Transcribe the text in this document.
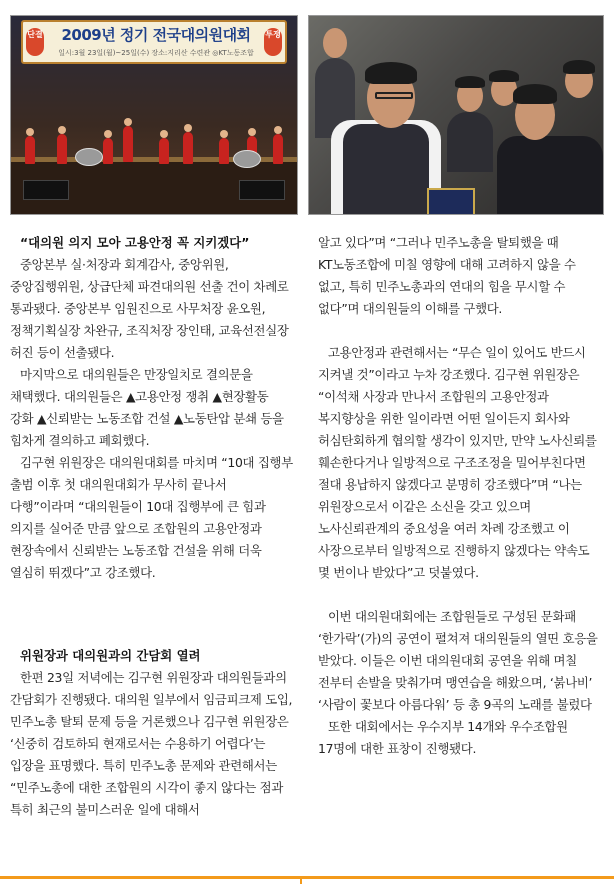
단결	2009년 정기 전국대의원대회
일시:3월 23일(월)~25일(수) 장소:지리산 수련관 ◎KT노동조합
투쟁
“대의원 의지 모아 고용안정 꼭 지키겠다”

중앙본부 실·처장과 회계감사, 중앙위원, 중앙집행위원, 상급단체 파견대의원 선출 건이 차례로 통과됐다. 중앙본부 임원진으로 사무처장 윤오원, 정책기획실장 차완규, 조직처장 장인태, 교육선전실장 허진 등이 선출됐다.

마지막으로 대의원들은 만장일치로 결의문을 채택했다. 대의원들은 ▲고용안정 쟁취 ▲현장활동 강화 ▲신뢰받는 노동조합 건설 ▲노동탄압 분쇄 등을 힘차게 결의하고 폐회했다.

김구현 위원장은 대의원대회를 마치며 “10대 집행부 출범 이후 첫 대의원대회가 무사히 끝나서 다행”이라며 “대의원들이 10대 집행부에 큰 힘과 의지를 실어준 만큼 앞으로 조합원의 고용안정과 현장속에서 신뢰받는 노동조합 건설을 위해 더욱 열심히 뛰겠다”고 강조했다.

위원장과 대의원과의 간담회 열려

한편 23일 저녁에는 김구현 위원장과 대의원들과의 간담회가 진행됐다. 대의원 일부에서 임금피크제 도입, 민주노총 탈퇴 문제 등을 거론했으나 김구현 위원장은 ‘신중히 검토하되 현재로서는 수용하기 어렵다’는 입장을 표명했다. 특히 민주노총 문제와 관련해서는 “민주노총에 대한 조합원의 시각이 좋지 않다는 점과 특히 최근의 불미스러운 일에 대해서

알고 있다”며 “그러나 민주노총을 탈퇴했을 때 KT노동조합에 미칠 영향에 대해 고려하지 않을 수 없고, 특히 민주노총과의 연대의 힘을 무시할 수 없다”며 대의원들의 이해를 구했다.

고용안정과 관련해서는 “무슨 일이 있어도 반드시 지켜낼 것”이라고 누차 강조했다. 김구현 위원장은 “이석채 사장과 만나서 조합원의 고용안정과 복지향상을 위한 일이라면 어떤 일이든지 회사와 허심탄회하게 협의할 생각이 있지만, 만약 노사신뢰를 훼손한다거나 일방적으로 구조조정을 밀어부친다면 절대 용납하지 않겠다고 분명히 강조했다”며 “나는 위원장으로서 이같은 소신을 갖고 있으며 노사신뢰관계의 중요성을 여러 차례 강조했고 이 사장으로부터 일방적으로 진행하지 않겠다는 약속도 몇 번이나 받았다”고 덧붙였다.

이번 대의원대회에는 조합원들로 구성된 문화패 ‘한가락’(가)의 공연이 펼쳐져 대의원들의 열띤 호응을 받았다. 이들은 이번 대의원대회 공연을 위해 며칠 전부터 손발을 맞춰가며 맹연습을 해왔으며, ‘붉나비’ ‘사람이 꽃보다 아름다워’ 등 총 9곡의 노래를 불렀다

또한 대회에서는 우수지부 14개와 우수조합원 17명에 대한 표창이 진행됐다.
